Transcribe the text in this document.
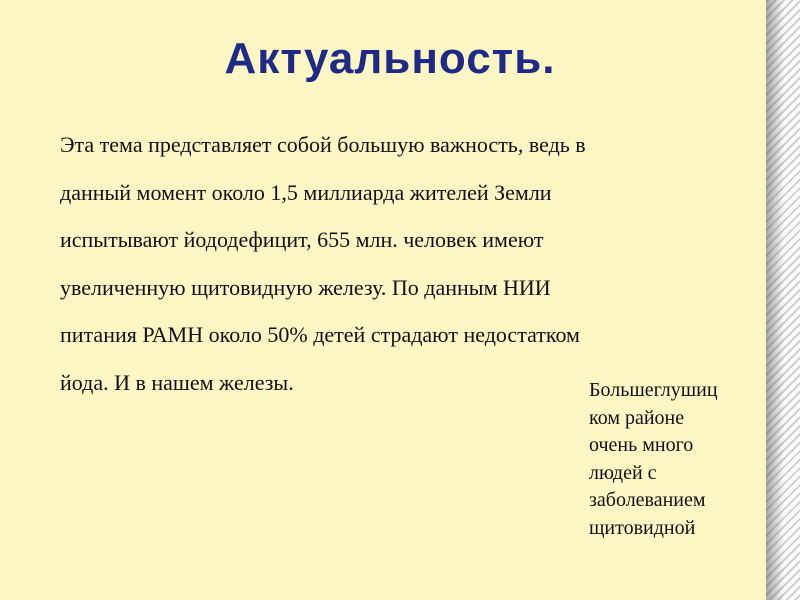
Актуальность.
Эта тема представляет собой большую важность, ведь в
данный момент около 1,5 миллиарда жителей Земли
испытывают йододефицит, 655 млн. человек имеют
увеличенную щитовидную железу. По данным НИИ
питания РАМН около 50% детей страдают недостатком
йода. И в нашем железы.	Большеглушиц
ком районе
очень много
людей с
заболеванием
щитовидной
